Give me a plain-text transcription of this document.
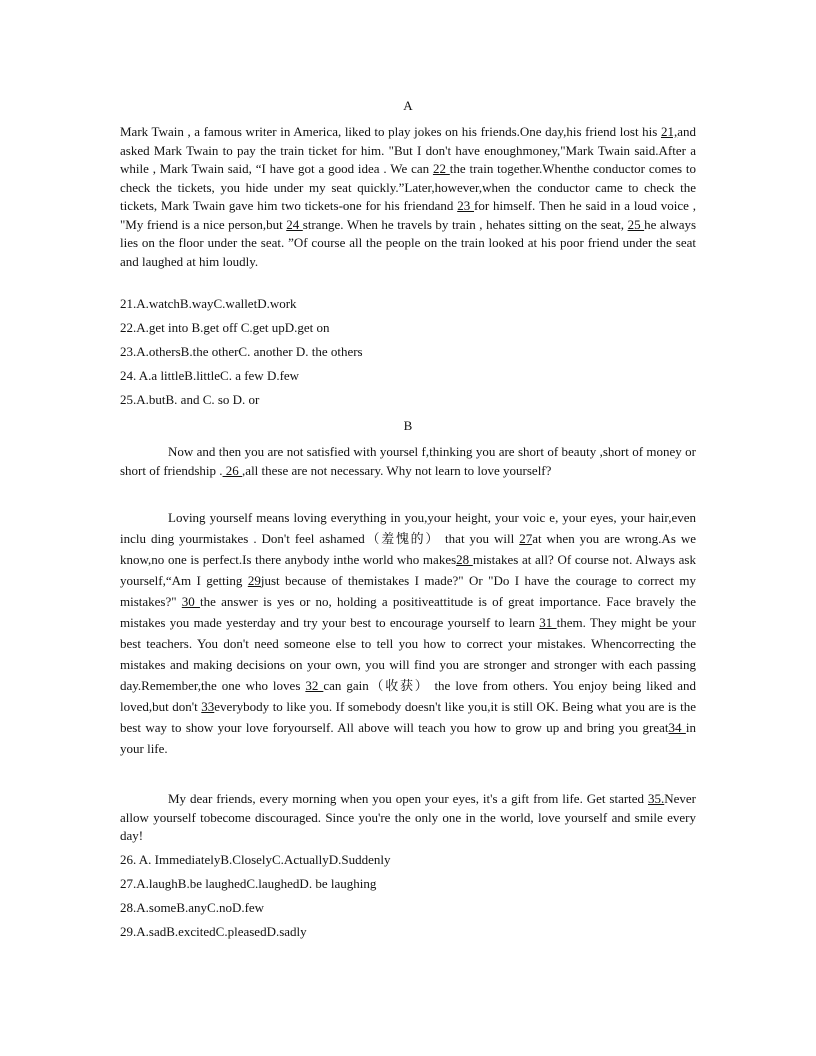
A
Mark Twain , a famous writer in America, liked to play jokes on his friends.One day,his friend lost his 21,and asked Mark Twain to pay the train ticket for him. "But I don't have enoughmoney,"Mark Twain said.After a while , Mark Twain said, “I have got a good idea . We can 22 the train together.Whenthe conductor comes to check the tickets, you hide under my seat quickly.”Later,however,when the conductor came to check the tickets, Mark Twain gave him two tickets-one for his friendand 23 for himself. Then he said in a loud voice , "My friend is a nice person,but 24 strange. When he travels by train , hehates sitting on the seat, 25 he always lies on the floor under the seat. ”Of course all the people on the train looked at his poor friend under the seat and laughed at him loudly.
21.A.watchB.wayC.walletD.work
22.A.get into B.get off C.get upD.get on
23.A.othersB.the otherC. another D. the others
24. A.a littleB.littleC. a few D.few
25.A.butB. and C. so D. or
B
Now and then you are not satisfied with yoursel f,thinking you are short of beauty ,short of money or short of friendship . 26 ,all these are not necessary. Why not learn to love yourself?
Loving yourself means loving everything in you,your height, your voic e, your eyes, your hair,even inclu ding yourmistakes . Don't feel ashamed（羞愧的） that you will 27at when you are wrong.As we know,no one is perfect.Is there anybody inthe world who makes28 mistakes at all? Of course not. Always ask yourself,“Am I getting 29just because of themistakes I made?" Or "Do I have the courage to correct my mistakes?" 30 the answer is yes or no, holding a positiveattitude is of great importance. Face bravely the mistakes you made yesterday and try your best to encourage yourself to learn 31 them. They might be your best teachers. You don't need someone else to tell you how to correct your mistakes. Whencorrecting the mistakes and making decisions on your own, you will find you are stronger and stronger with each passing day.Remember,the one who loves 32 can gain（收获） the love from others. You enjoy being liked and loved,but don't 33everybody to like you. If somebody doesn't like you,it is still OK. Being what you are is the best way to show your love foryourself. All above will teach you how to grow up and bring you great34 in your life.
My dear friends, every morning when you open your eyes, it's a gift from life. Get started 35.Never allow yourself tobecome discouraged. Since you're the only one in the world, love yourself and smile every day!
26. A. ImmediatelyB.CloselyC.ActuallyD.Suddenly
27.A.laughB.be laughedC.laughedD. be laughing
28.A.someB.anyC.noD.few
29.A.sadB.excitedC.pleasedD.sadly
